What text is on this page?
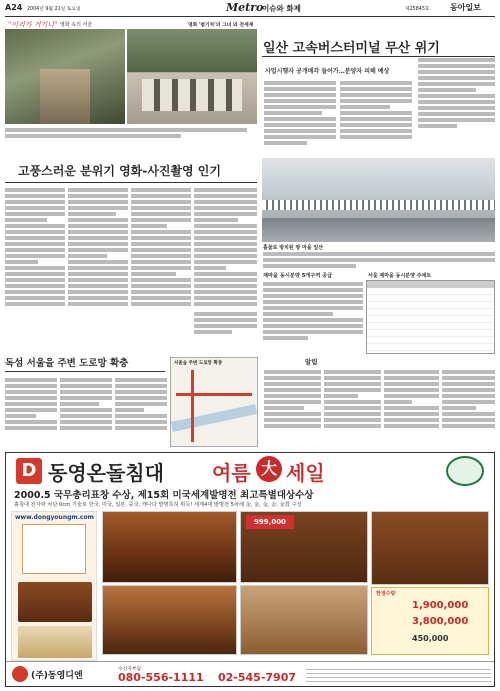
A24 2004년 9월 21일 토요일	Metro
이슈와 화제	제25845호	동아일보
"이리가 거기니" 영화 속의 서울	영화 '범기차'의 그녀 와 전세재
일산 고속버스터미널 무산 위기
사업시행자 공개매각 들어가…분양자 피해 예상
흉물로 방치된 땅 마을 일산
고풍스러운 분위기 영화-사진촬영 인기
재마을 동시분양 5개구역 공급	서울 제마을 동시분양 주에트
독섬 서울을 주변 도로망 확충	서울숲 주변 도로망 확충	알림
D 동영온돌침대 여름 大 세일
2000.5 국무총리표창 수상, 제15회 미국세계발명전 최고특별대상수상
흙침대 전자파 차단 0cm 기술로 한국, 미국, 일본, 중국, 캐나다 발명특허 획득! 세계4대 발명전 5차례 金, 金, 金, 金, 金賞 수상
www.dongyoungm.com
999,000
한정수량
1,900,000
3,800,000
450,000
(주)동영디엔
수신자부담
080-556-1111 02-545-7907
